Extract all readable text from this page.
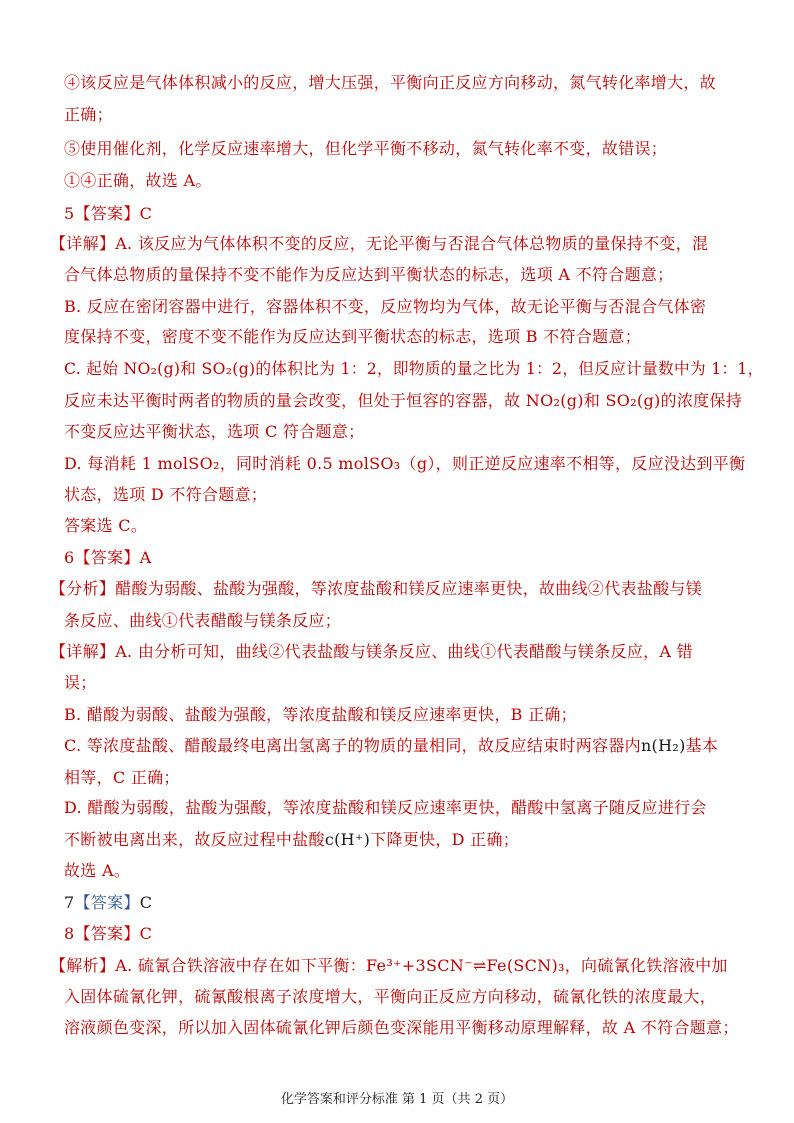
化学答案和评分标准 第 1 页（共 2 页）
④该反应是气体体积减小的反应，增大压强，平衡向正反应方向移动，氮气转化率增大，故
正确；
⑤使用催化剂，化学反应速率增大，但化学平衡不移动，氮气转化率不变，故错误；
①④正确，故选 A。
5【答案】C
【详解】A. 该反应为气体体积不变的反应，无论平衡与否混合气体总物质的量保持不变，混
合气体总物质的量保持不变不能作为反应达到平衡状态的标志，选项 A 不符合题意；
B. 反应在密闭容器中进行，容器体积不变，反应物均为气体，故无论平衡与否混合气体密
度保持不变，密度不变不能作为反应达到平衡状态的标志，选项 B 不符合题意；
C. 起始 NO₂(g)和 SO₂(g)的体积比为 1：2，即物质的量之比为 1：2，但反应计量数中为 1：1，
反应未达平衡时两者的物质的量会改变，但处于恒容的容器，故 NO₂(g)和 SO₂(g)的浓度保持
不变反应达平衡状态，选项 C 符合题意；
D. 每消耗 1 molSO₂，同时消耗 0.5 molSO₃（g），则正逆反应速率不相等，反应没达到平衡
状态，选项 D 不符合题意；
答案选 C。
6【答案】A
【分析】醋酸为弱酸、盐酸为强酸，等浓度盐酸和镁反应速率更快，故曲线②代表盐酸与镁
条反应、曲线①代表醋酸与镁条反应；
【详解】A. 由分析可知，曲线②代表盐酸与镁条反应、曲线①代表醋酸与镁条反应，A 错
误；
B. 醋酸为弱酸、盐酸为强酸，等浓度盐酸和镁反应速率更快，B 正确；
C. 等浓度盐酸、醋酸最终电离出氢离子的物质的量相同，故反应结束时两容器内n(H₂)基本
相等，C 正确；
D. 醋酸为弱酸，盐酸为强酸，等浓度盐酸和镁反应速率更快，醋酸中氢离子随反应进行会
不断被电离出来，故反应过程中盐酸c(H⁺)下降更快，D 正确；
故选 A。
7【答案】C
8【答案】C
【解析】A. 硫氰合铁溶液中存在如下平衡：Fe³⁺+3SCN⁻⇌Fe(SCN)₃，向硫氰化铁溶液中加
入固体硫氰化钾，硫氰酸根离子浓度增大，平衡向正反应方向移动，硫氰化铁的浓度最大，
溶液颜色变深，所以加入固体硫氰化钾后颜色变深能用平衡移动原理解释，故 A 不符合题意；
